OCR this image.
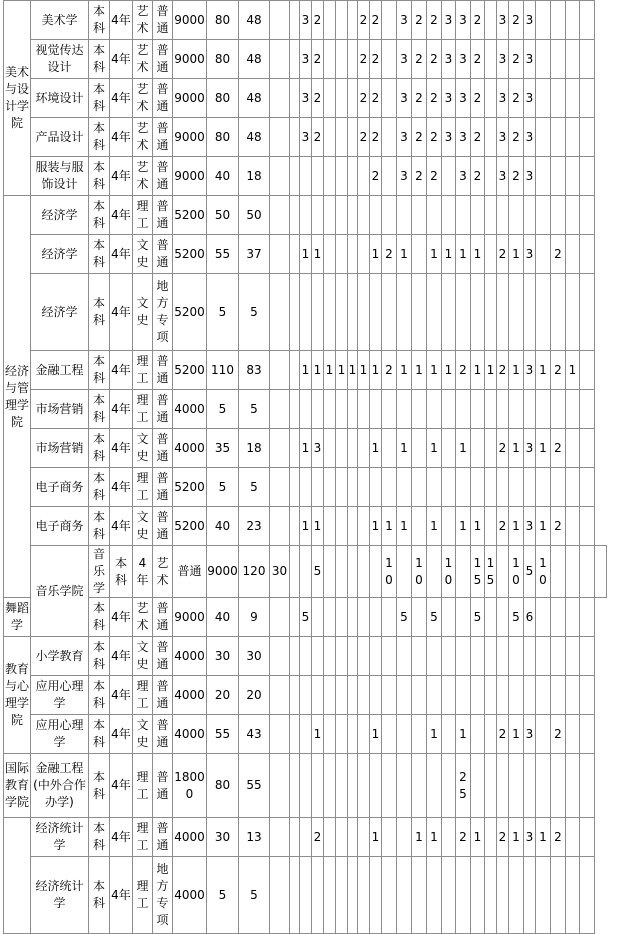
美术与设计学院	美术学	本科	4年	艺术	普通	9000	80	48			3	2				2	2		3	2	2	3	3	2		3	2	3					
	视觉传达设计	本科	4年	艺术	普通	9000	80	48			3	2				2	2		3	2	2	3	3	2		3	2	3					
	环境设计	本科	4年	艺术	普通	9000	80	48			3	2				2	2		3	2	2	3	3	2		3	2	3					
	产品设计	本科	4年	艺术	普通	9000	80	48			3	2				2	2		3	2	2	3	3	2		3	2	3					
	服装与服饰设计	本科	4年	艺术	普通	9000	40	18									2		3	2	2		3	2		3	2	3					
经济与管理学院	经济学	本科	4年	理工	普通	5200	50	50																									
	经济学	本科	4年	文史	普通	5200	55	37			1	1					1	2	1		1	1	1	1		2	1	3		2			
	经济学	本科	4年	文史	地方专项	5200	5	5																									
	金融工程	本科	4年	理工	普通	5200	110	83			1	1	1	1	1	1	1	2	1	1	1	1	2	1	1	2	1	3	1	2	1		
	市场营销	本科	4年	理工	普通	4000	5	5																									
	市场营销	本科	4年	文史	普通	4000	35	18			1	3					1		1		1		1			2	1	3	1	2			
	电子商务	本科	4年	理工	普通	5200	5	5																									
	电子商务	本科	4年	文史	普通	5200	40	23			1	1					1	1	1		1		1	1		2	1	3	1	2			
	音乐学院	音乐学	本科	4年	艺术	普通	9000	120	30			5						10		10		10		15	15		10	5	10				
舞蹈学		本科	4年	艺术	普通	9000	40	9			5								5		5			5			5	6					
教育与心理学院	小学教育	本科	4年	文史	普通	4000	30	30																									
	应用心理学	本科	4年	理工	普通	4000	20	20																									
	应用心理学	本科	4年	文史	普通	4000	55	43				1					1				1		1			2	1	3		2			
国际教育学院	金融工程(中外合作办学)	本科	4年	理工	普通	18000	80	55															25										
	经济统计学	本科	4年	理工	普通	4000	30	13				2					1			1	1		2	1		2	1	3	1	2			
	经济统计学	本科	4年	理工	地方专项	4000	5	5																									
